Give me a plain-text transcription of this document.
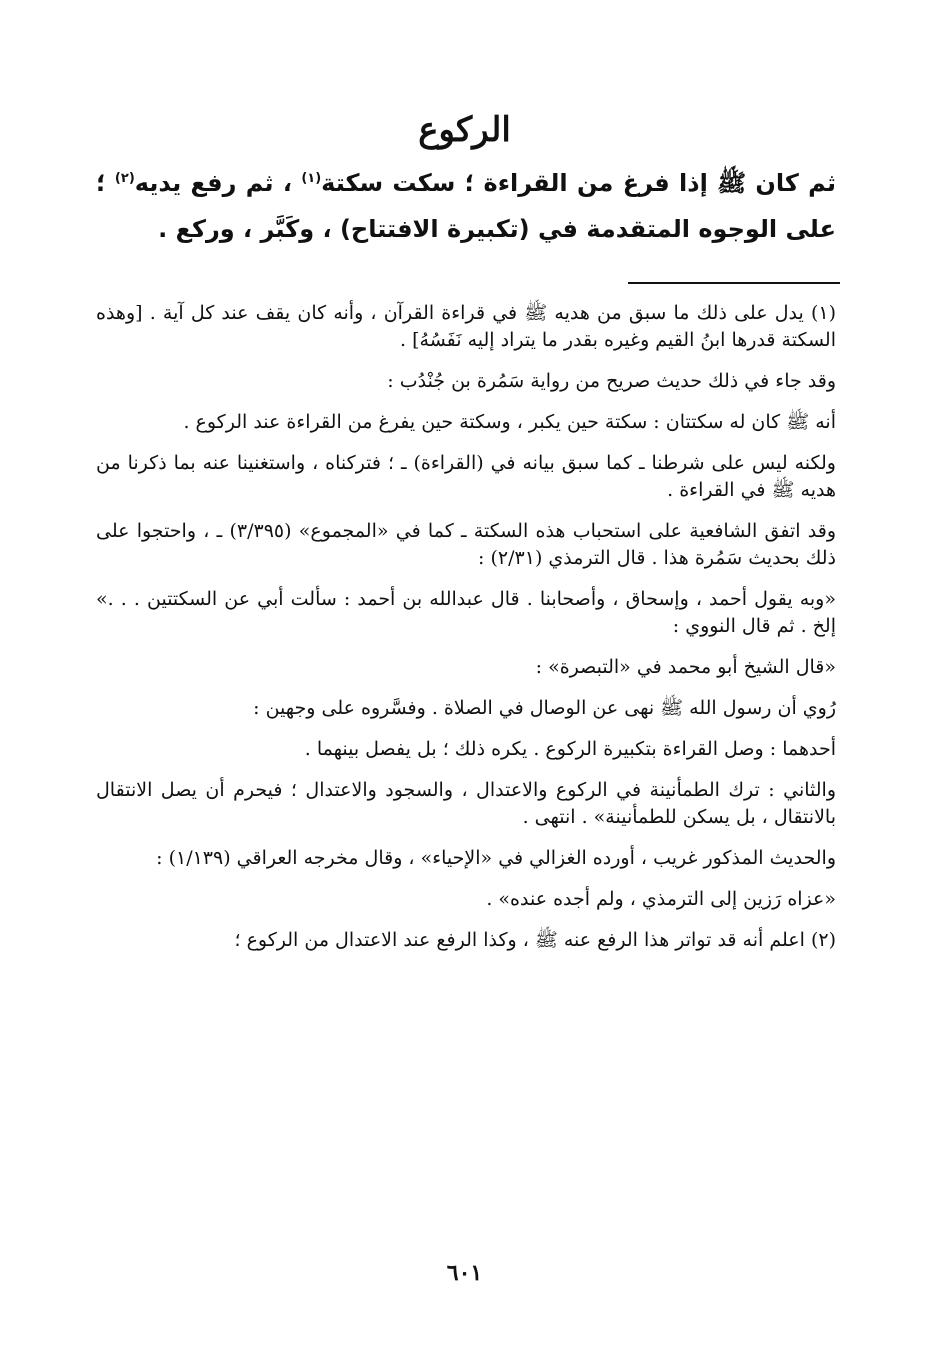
الركوع
ثم كان ﷺ إذا فرغ من القراءة ؛ سكت سكتة$^{(١)}$ ، ثم رفع يديه$^{(٢)}$ ؛ على الوجوه المتقدمة في (تكبيرة الافتتاح) ، وكَبَّر ، وركع .

(١) يدل على ذلك ما سبق من هديه ﷺ في قراءة القرآن ، وأنه كان يقف عند كل آية . [وهذه السكتة قدرها ابنُ القيم وغيره بقدر ما يتراد إليه نَفَسُهُ] .

وقد جاء في ذلك حديث صريح من رواية سَمُرة بن جُنْدُب :

أنه ﷺ كان له سكتتان : سكتة حين يكبر ، وسكتة حين يفرغ من القراءة عند الركوع .

ولكنه ليس على شرطنا ـ كما سبق بيانه في (القراءة) ـ ؛ فتركناه ، واستغنينا عنه بما ذكرنا من هديه ﷺ في القراءة .

وقد اتفق الشافعية على استحباب هذه السكتة ـ كما في «المجموع» (٣/٣٩٥) ـ ، واحتجوا على ذلك بحديث سَمُرة هذا . قال الترمذي (٢/٣١) :

«وبه يقول أحمد ، وإسحاق ، وأصحابنا . قال عبدالله بن أحمد : سألت أبي عن السكتتين . . .» إلخ . ثم قال النووي :

«قال الشيخ أبو محمد في «التبصرة» :

رُوي أن رسول الله ﷺ نهى عن الوصال في الصلاة . وفسَّروه على وجهين :

أحدهما : وصل القراءة بتكبيرة الركوع . يكره ذلك ؛ بل يفصل بينهما .

والثاني : ترك الطمأنينة في الركوع والاعتدال ، والسجود والاعتدال ؛ فيحرم أن يصل الانتقال بالانتقال ، بل يسكن للطمأنينة» . انتهى .

والحديث المذكور غريب ، أورده الغزالي في «الإحياء» ، وقال مخرجه العراقي (١/١٣٩) :

«عزاه رَزين إلى الترمذي ، ولم أجده عنده» .

(٢) اعلم أنه قد تواتر هذا الرفع عنه ﷺ ، وكذا الرفع عند الاعتدال من الركوع ؛

٦٠١
